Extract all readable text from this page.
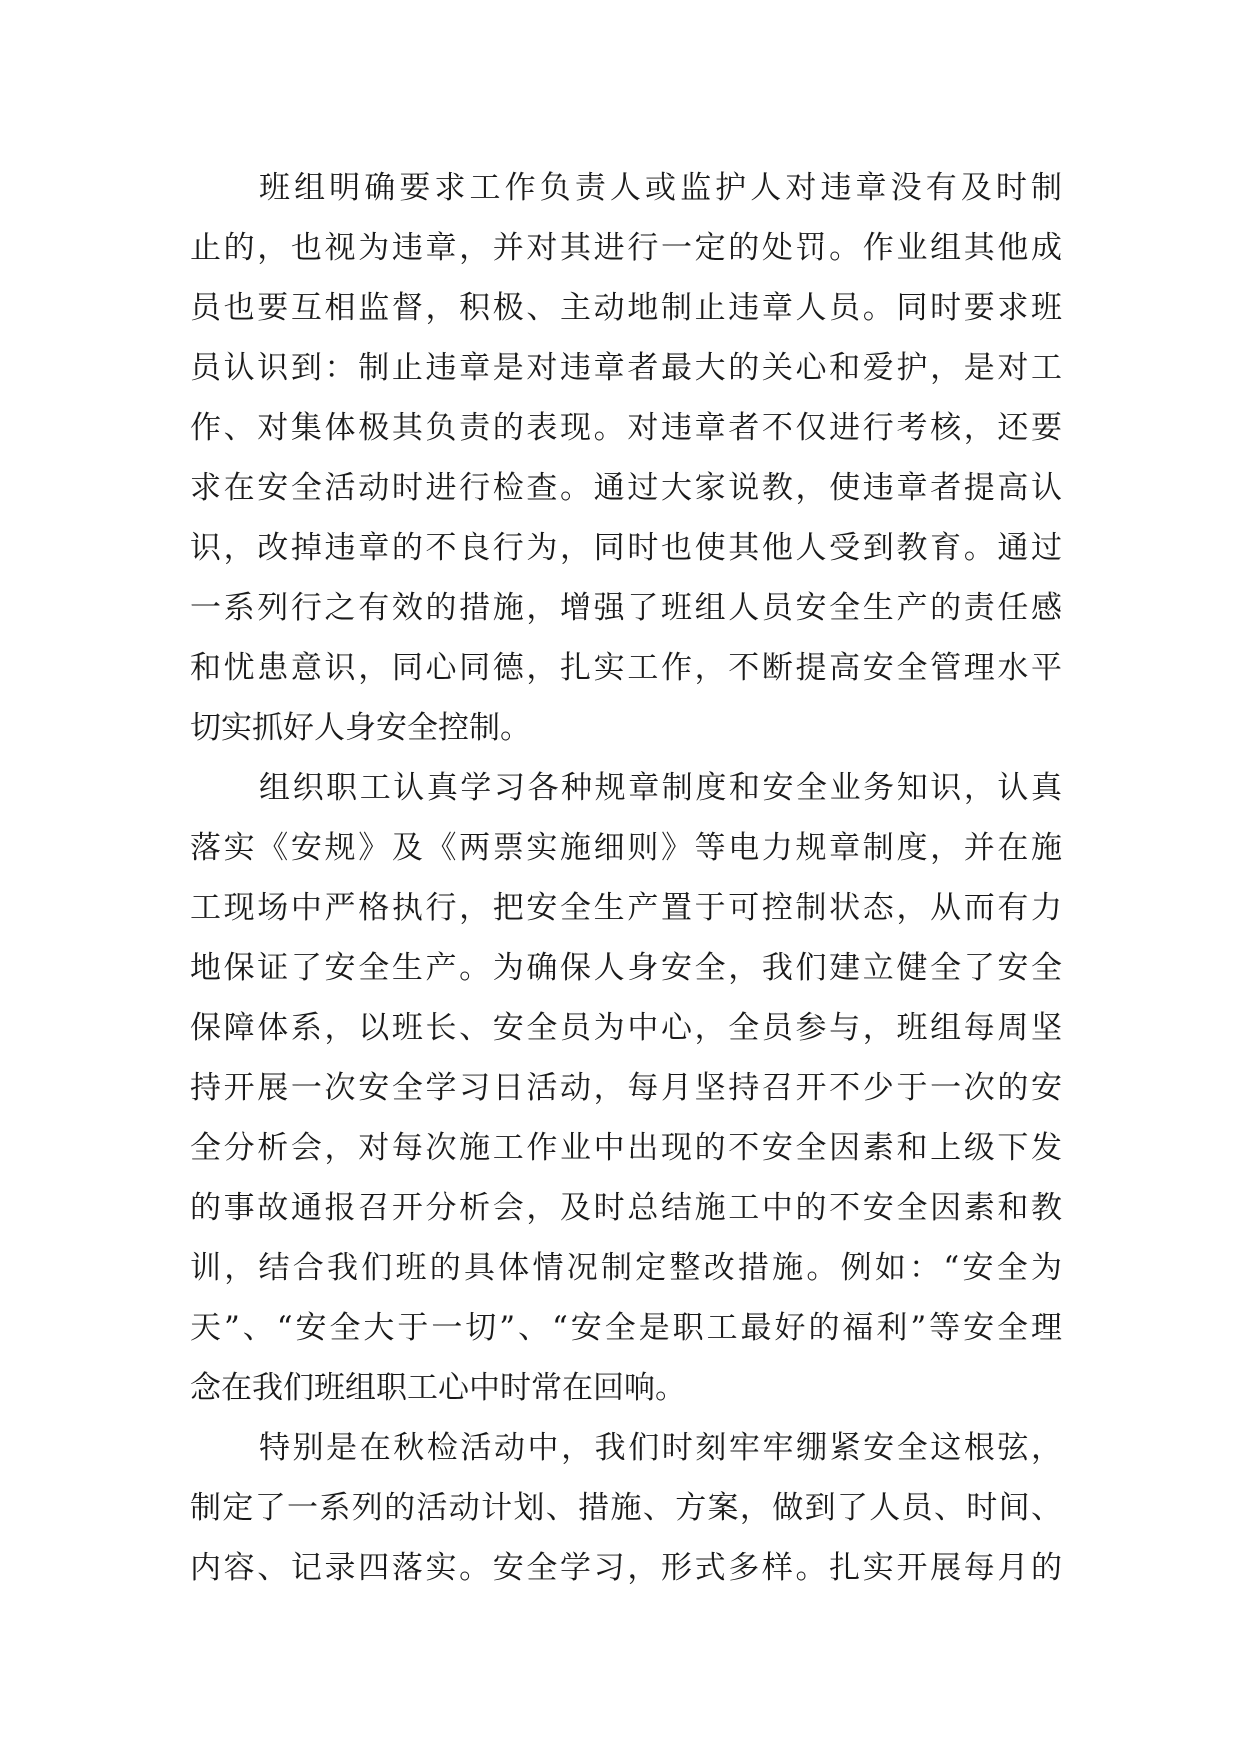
班组明确要求工作负责人或监护人对违章没有及时制
止的，也视为违章，并对其进行一定的处罚。作业组其他成
员也要互相监督，积极、主动地制止违章人员。同时要求班
员认识到：制止违章是对违章者最大的关心和爱护，是对工
作、对集体极其负责的表现。对违章者不仅进行考核，还要
求在安全活动时进行检查。通过大家说教，使违章者提高认
识，改掉违章的不良行为，同时也使其他人受到教育。通过
一系列行之有效的措施，增强了班组人员安全生产的责任感
和忧患意识，同心同德，扎实工作，不断提高安全管理水平
切实抓好人身安全控制。
组织职工认真学习各种规章制度和安全业务知识，认真
落实《安规》及《两票实施细则》等电力规章制度，并在施
工现场中严格执行，把安全生产置于可控制状态，从而有力
地保证了安全生产。为确保人身安全，我们建立健全了安全
保障体系，以班长、安全员为中心，全员参与，班组每周坚
持开展一次安全学习日活动，每月坚持召开不少于一次的安
全分析会，对每次施工作业中出现的不安全因素和上级下发
的事故通报召开分析会，及时总结施工中的不安全因素和教
训，结合我们班的具体情况制定整改措施。例如：“安全为
天”、“安全大于一切”、“安全是职工最好的福利”等安全理
念在我们班组职工心中时常在回响。
特别是在秋检活动中，我们时刻牢牢绷紧安全这根弦，
制定了一系列的活动计划、措施、方案，做到了人员、时间、
内容、记录四落实。安全学习，形式多样。扎实开展每月的
